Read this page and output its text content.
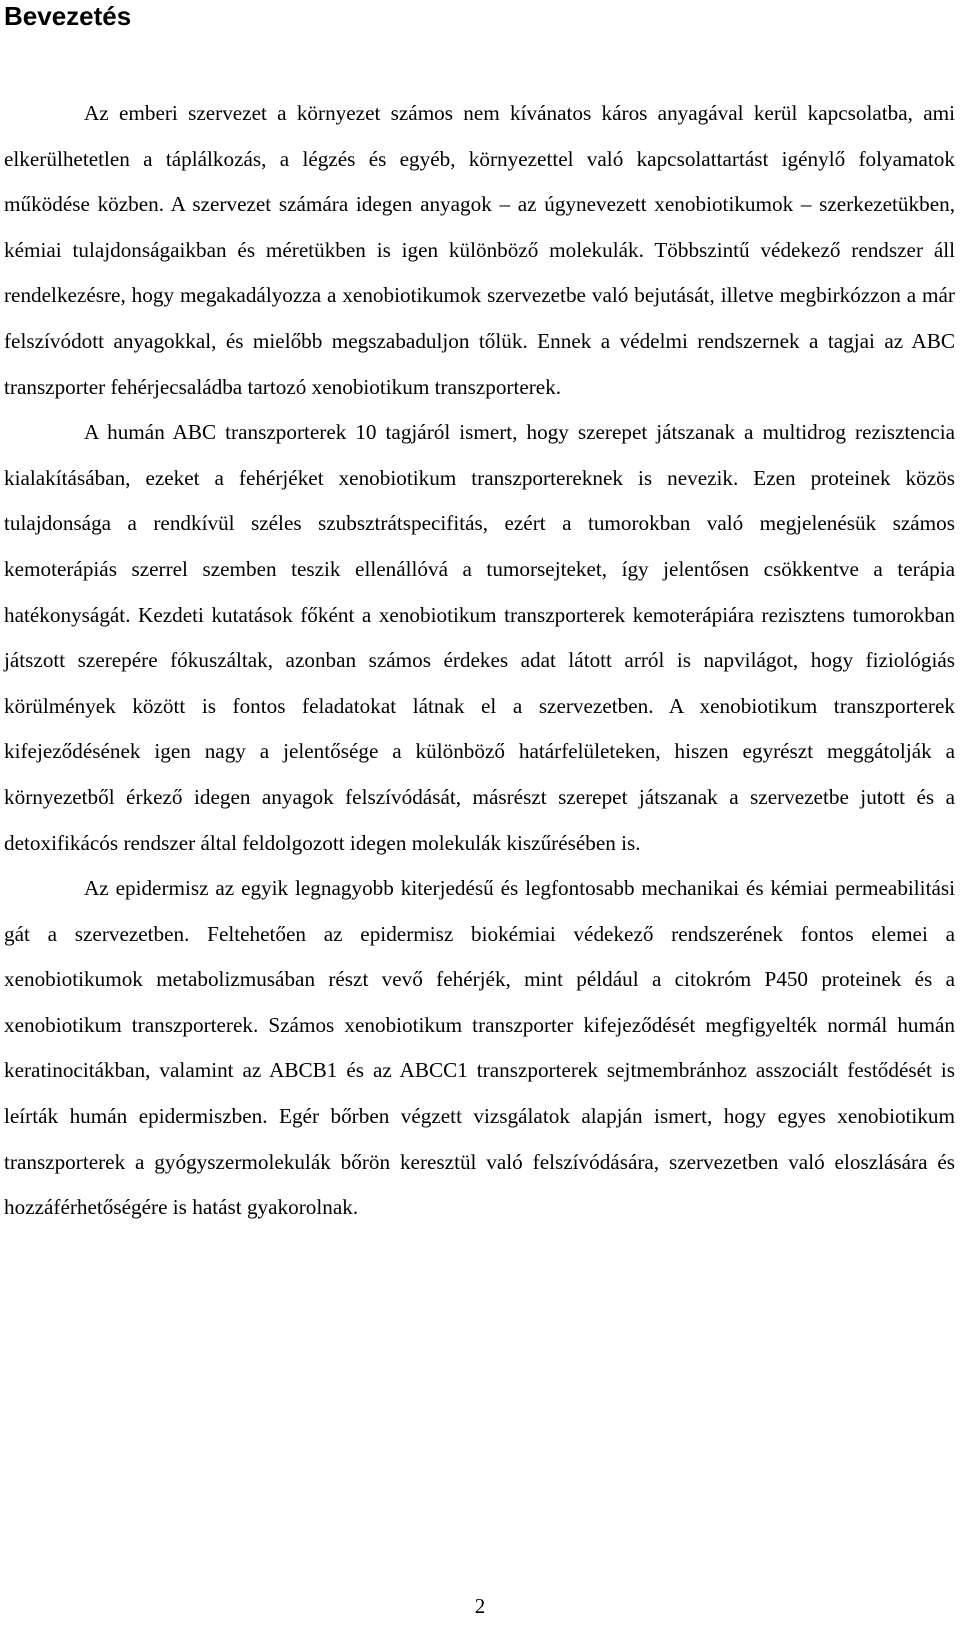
Bevezetés

Az emberi szervezet a környezet számos nem kívánatos káros anyagával kerül kapcsolatba, ami elkerülhetetlen a táplálkozás, a légzés és egyéb, környezettel való kapcsolattartást igénylő folyamatok működése közben. A szervezet számára idegen anyagok – az úgynevezett xenobiotikumok – szerkezetükben, kémiai tulajdonságaikban és méretükben is igen különböző molekulák. Többszintű védekező rendszer áll rendelkezésre, hogy megakadályozza a xenobiotikumok szervezetbe való bejutását, illetve megbirkózzon a már felszívódott anyagokkal, és mielőbb megszabaduljon tőlük. Ennek a védelmi rendszernek a tagjai az ABC transzporter fehérjecsaládba tartozó xenobiotikum transzporterek.

A humán ABC transzporterek 10 tagjáról ismert, hogy szerepet játszanak a multidrog rezisztencia kialakításában, ezeket a fehérjéket xenobiotikum transzportereknek is nevezik. Ezen proteinek közös tulajdonsága a rendkívül széles szubsztrátspecifitás, ezért a tumorokban való megjelenésük számos kemoterápiás szerrel szemben teszik ellenállóvá a tumorsejteket, így jelentősen csökkentve a terápia hatékonyságát. Kezdeti kutatások főként a xenobiotikum transzporterek kemoterápiára rezisztens tumorokban játszott szerepére fókuszáltak, azonban számos érdekes adat látott arról is napvilágot, hogy fiziológiás körülmények között is fontos feladatokat látnak el a szervezetben. A xenobiotikum transzporterek kifejeződésének igen nagy a jelentősége a különböző határfelületeken, hiszen egyrészt meggátolják a környezetből érkező idegen anyagok felszívódását, másrészt szerepet játszanak a szervezetbe jutott és a detoxifikácós rendszer által feldolgozott idegen molekulák kiszűrésében is.

Az epidermisz az egyik legnagyobb kiterjedésű és legfontosabb mechanikai és kémiai permeabilitási gát a szervezetben. Feltehetően az epidermisz biokémiai védekező rendszerének fontos elemei a xenobiotikumok metabolizmusában részt vevő fehérjék, mint például a citokróm P450 proteinek és a xenobiotikum transzporterek. Számos xenobiotikum transzporter kifejeződését megfigyelték normál humán keratinocitákban, valamint az ABCB1 és az ABCC1 transzporterek sejtmembránhoz asszociált festődését is leírták humán epidermiszben. Egér bőrben végzett vizsgálatok alapján ismert, hogy egyes xenobiotikum transzporterek a gyógyszermolekulák bőrön keresztül való felszívódására, szervezetben való eloszlására és hozzáférhetőségére is hatást gyakorolnak.

2
